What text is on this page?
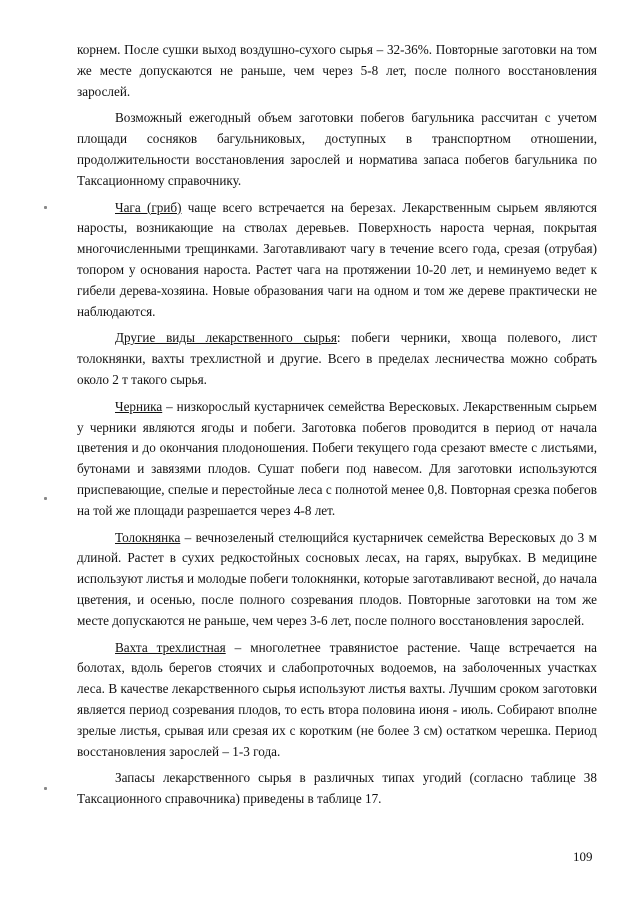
корнем. После сушки выход воздушно-сухого сырья – 32-36%. Повторные заготовки на том же месте допускаются не раньше, чем через 5-8 лет, после полного восстановления зарослей.

Возможный ежегодный объем заготовки побегов багульника рассчитан с учетом площади сосняков багульниковых, доступных в транспортном отношении, продолжительности восстановления зарослей и норматива запаса побегов багульника по Таксационному справочнику.

Чага (гриб) чаще всего встречается на березах. Лекарственным сырьем являются наросты, возникающие на стволах деревьев. Поверхность нароста черная, покрытая многочисленными трещинками. Заготавливают чагу в течение всего года, срезая (отрубая) топором у основания нароста. Растет чага на протяжении 10-20 лет, и неминуемо ведет к гибели дерева-хозяина. Новые образования чаги на одном и том же дереве практически не наблюдаются.

Другие виды лекарственного сырья: побеги черники, хвоща полевого, лист толокнянки, вахты трехлистной и другие. Всего в пределах лесничества можно собрать около 2 т такого сырья.

Черника – низкорослый кустарничек семейства Вересковых. Лекарственным сырьем у черники являются ягоды и побеги. Заготовка побегов проводится в период от начала цветения и до окончания плодоношения. Побеги текущего года срезают вместе с листьями, бутонами и завязями плодов. Сушат побеги под навесом. Для заготовки используются приспевающие, спелые и перестойные леса с полнотой менее 0,8. Повторная срезка побегов на той же площади разрешается через 4-8 лет.

Толокнянка – вечнозеленый стелющийся кустарничек семейства Вересковых до 3 м длиной. Растет в сухих редкостойных сосновых лесах, на гарях, вырубках. В медицине используют листья и молодые побеги толокнянки, которые заготавливают весной, до начала цветения, и осенью, после полного созревания плодов. Повторные заготовки на том же месте допускаются не раньше, чем через 3-6 лет, после полного восстановления зарослей.

Вахта трехлистная – многолетнее травянистое растение. Чаще встречается на болотах, вдоль берегов стоячих и слабопроточных водоемов, на заболоченных участках леса. В качестве лекарственного сырья используют листья вахты. Лучшим сроком заготовки является период созревания плодов, то есть втора половина июня - июль. Собирают вполне зрелые листья, срывая или срезая их с коротким (не более 3 см) остатком черешка. Период восстановления зарослей – 1-3 года.

Запасы лекарственного сырья в различных типах угодий (согласно таблице 38 Таксационного справочника) приведены в таблице 17.

109
